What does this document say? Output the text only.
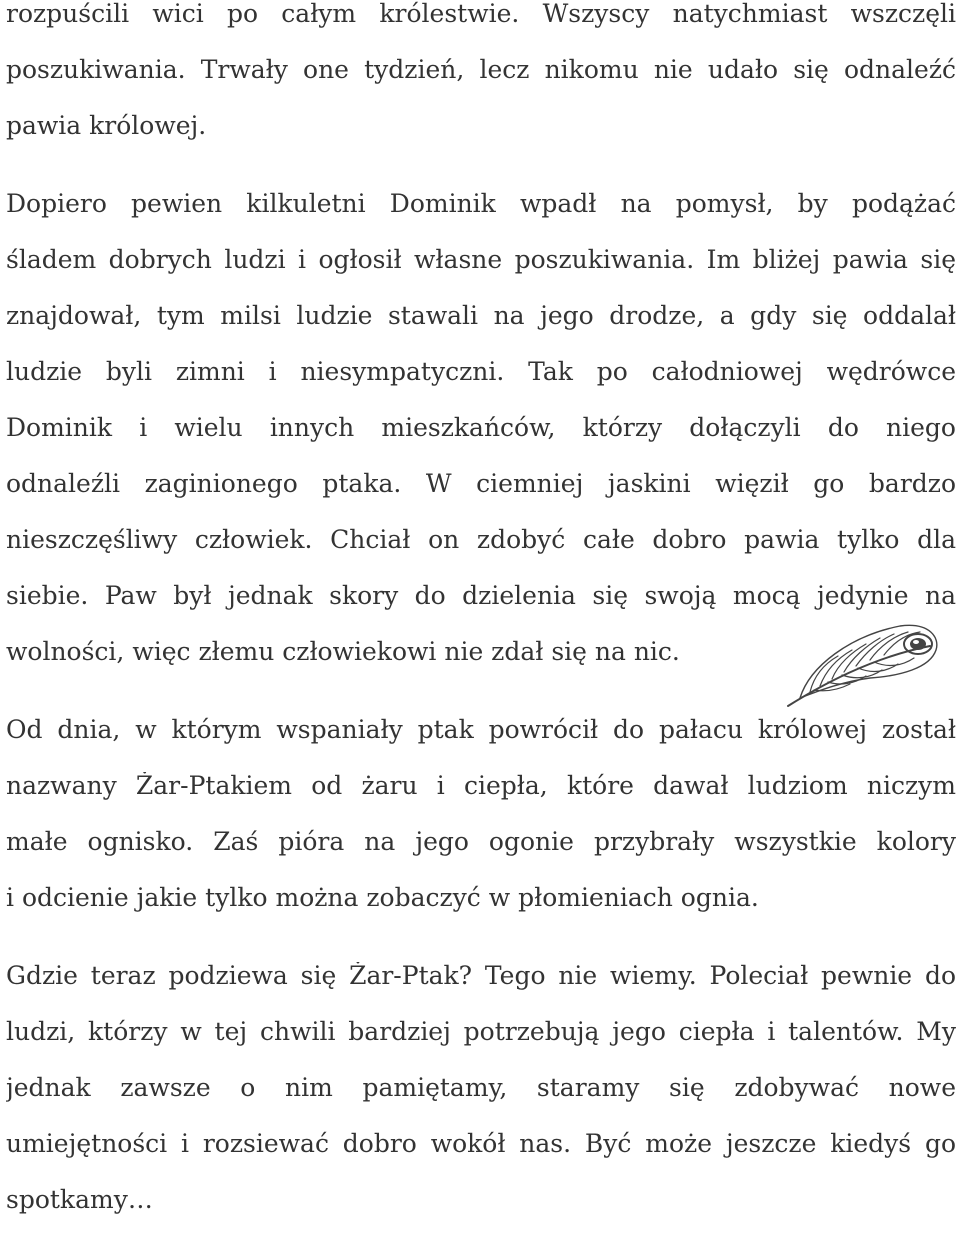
rozpuścili wici po całym królestwie. Wszyscy natychmiast wszczęli
poszukiwania. Trwały one tydzień, lecz nikomu nie udało się odnaleźć
pawia królowej.
Dopiero pewien kilkuletni Dominik wpadł na pomysł, by podążać
śladem dobrych ludzi i ogłosił własne poszukiwania. Im bliżej pawia się
znajdował, tym milsi ludzie stawali na jego drodze, a gdy się oddalał
ludzie byli zimni i niesympatyczni. Tak po całodniowej wędrówce
Dominik i wielu innych mieszkańców, którzy dołączyli do niego
odnaleźli zaginionego ptaka. W ciemniej jaskini więził go bardzo
nieszczęśliwy człowiek. Chciał on zdobyć całe dobro pawia tylko dla
siebie. Paw był jednak skory do dzielenia się swoją mocą jedynie na
wolności, więc złemu człowiekowi nie zdał się na nic.
Od dnia, w którym wspaniały ptak powrócił do pałacu królowej został
nazwany Żar-Ptakiem od żaru i ciepła, które dawał ludziom niczym
małe ognisko. Zaś pióra na jego ogonie przybrały wszystkie kolory
i odcienie jakie tylko można zobaczyć w płomieniach ognia.
Gdzie teraz podziewa się Żar-Ptak? Tego nie wiemy. Poleciał pewnie do
ludzi, którzy w tej chwili bardziej potrzebują jego ciepła i talentów. My
jednak zawsze o nim pamiętamy, staramy się zdobywać nowe
umiejętności i rozsiewać dobro wokół nas. Być może jeszcze kiedyś go
spotkamy…
